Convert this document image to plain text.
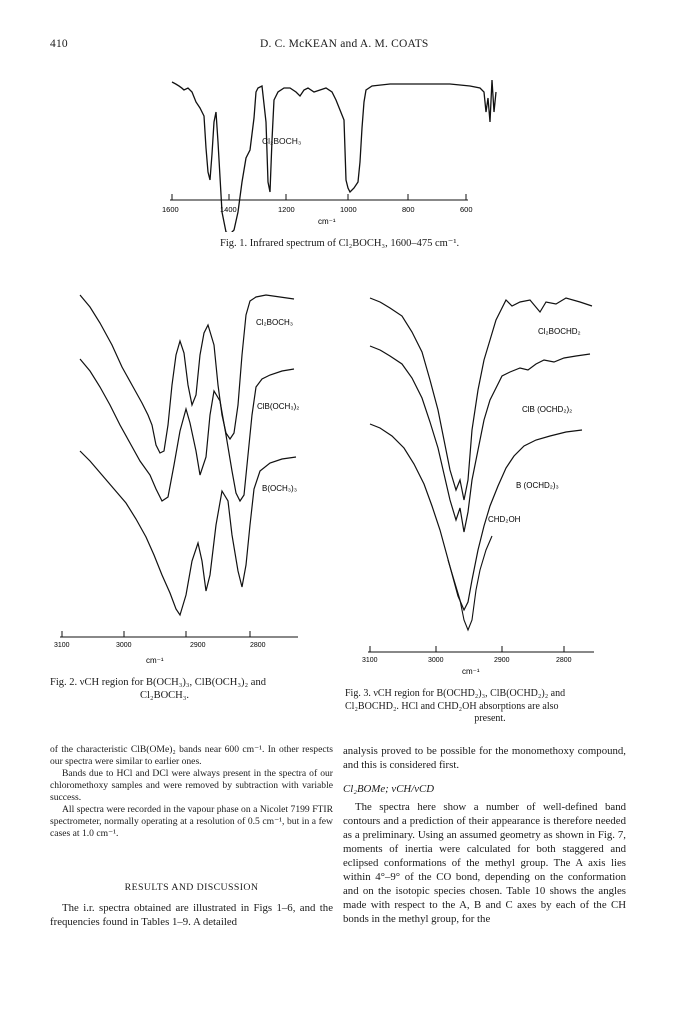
410	D. C. McKEAN and A. M. COATS
Cl₂BOCH₃
1600	1400	1200	1000	800	600
cm⁻¹
Fig. 1. Infrared spectrum of Cl₂BOCH₃, 1600–475 cm⁻¹.
Cl₂BOCH₃
ClB(OCH₃)₂
B(OCH₃)₃
3100	3000	2900	2800
cm⁻¹
Fig. 2. νCH region for B(OCH₃)₃, ClB(OCH₃)₂ and
Cl₂BOCH₃.
Cl₂BOCHD₂
ClB (OCHD₂)₂
B (OCHD₂)₃
CHD₂OH
3100	3000	2900	2800
cm⁻¹
Fig. 3. νCH region for B(OCHD₂)₃, ClB(OCHD₂)₂ and
Cl₂BOCHD₂. HCl and CHD₂OH absorptions are also
present.

of the characteristic ClB(OMe)₂ bands near 600 cm⁻¹. In other respects our spectra were similar to earlier ones.

Bands due to HCl and DCl were always present in the spectra of our chloromethoxy samples and were removed by subtraction with variable success.

All spectra were recorded in the vapour phase on a Nicolet 7199 FTIR spectrometer, normally operating at a resolution of 0.5 cm⁻¹, but in a few cases at 1.0 cm⁻¹.

RESULTS AND DISCUSSION

The i.r. spectra obtained are illustrated in Figs 1–6, and the frequencies found in Tables 1–9. A detailed

analysis proved to be possible for the monomethoxy compound, and this is considered first.

Cl₂BOMe; νCH/νCD

The spectra here show a number of well-defined band contours and a prediction of their appearance is therefore needed as a preliminary. Using an assumed geometry as shown in Fig. 7, moments of inertia were calculated for both staggered and eclipsed conformations of the methyl group. The A axis lies within 4°–9° of the CO bond, depending on the conformation and on the isotopic species chosen. Table 10 shows the angles made with respect to the A, B and C axes by each of the CH bonds in the methyl group, for the
